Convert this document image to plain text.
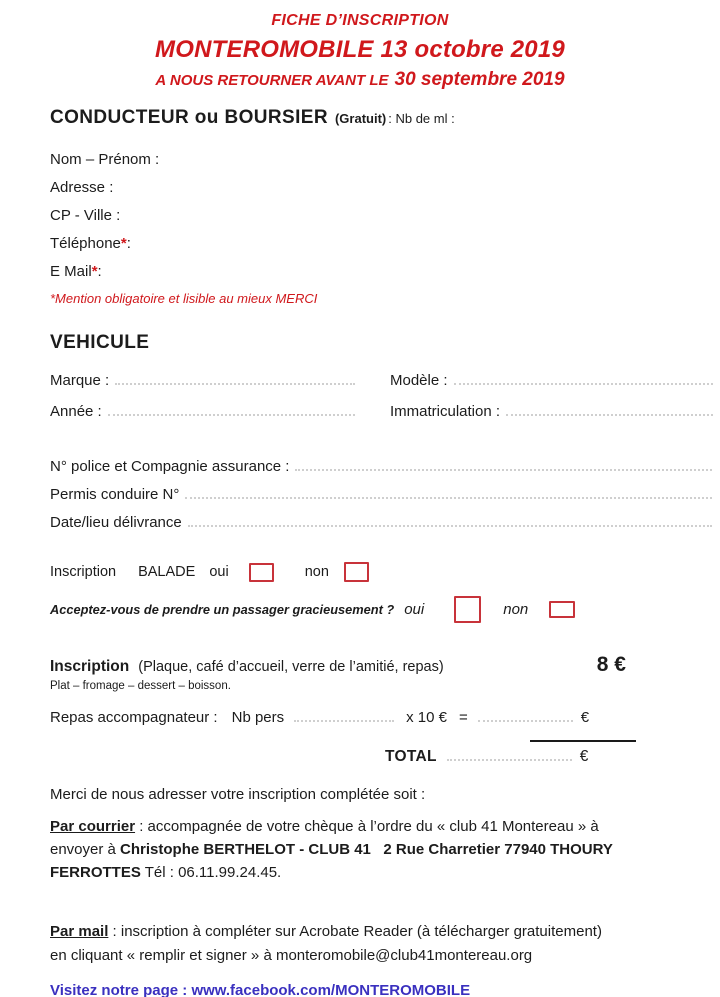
FICHE D’INSCRIPTION
MONTEROMOBILE 13 octobre 2019
A NOUS RETOURNER AVANT LE 30 septembre 2019
CONDUCTEUR ou BOURSIER (Gratuit) : Nb de ml :
Nom – Prénom :
Adresse :
CP - Ville :
Téléphone * :
E Mail * :
*Mention obligatoire et lisible au mieux MERCI
VEHICULE
Marque :	Modèle :
Année :	Immatriculation :
N° police et Compagnie assurance :
Permis conduire N°
Date/lieu délivrance
Inscription BALADE oui	non
Acceptez-vous de prendre un passager gracieusement ? oui	non
Inscription (Plaque, café d’accueil, verre de l’amitié, repas)	8 €
Plat – fromage – dessert – boisson.
Repas accompagnateur : Nb pers	x 10 € =	€
TOTAL	€
Merci de nous adresser votre inscription complétée soit :
Par courrier : accompagnée de votre chèque à l’ordre du « club 41 Montereau » à
envoyer à Christophe BERTHELOT - CLUB 41   2 Rue Charretier 77940 THOURY
FERROTTES Tél : 06.11.99.24.45.
Par mail : inscription à compléter sur Acrobate Reader (à télécharger gratuitement)
en cliquant « remplir et signer » à monteromobile@club41montereau.org
Visitez notre page : www.facebook.com/MONTEROMOBILE
